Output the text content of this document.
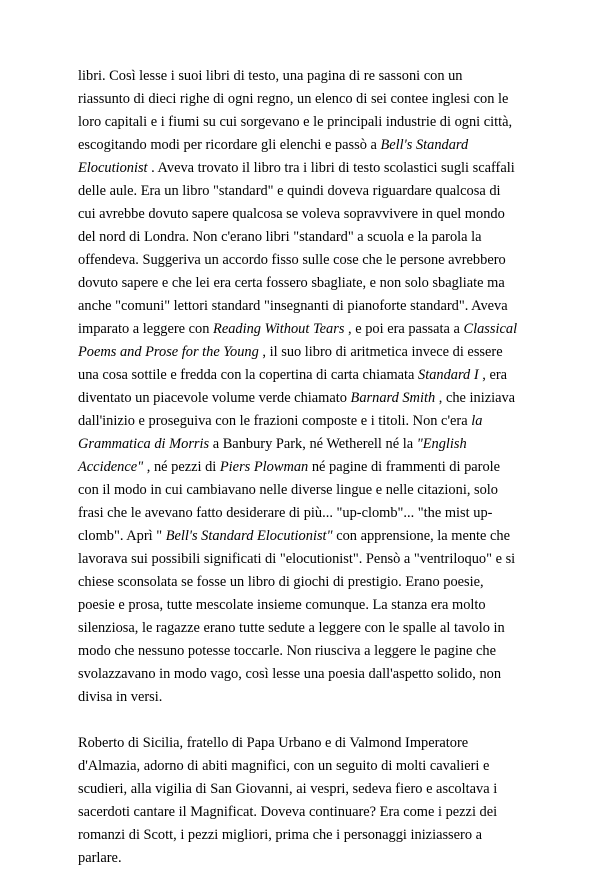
libri. Così lesse i suoi libri di testo, una pagina di re sassoni con un
riassunto di dieci righe di ogni regno, un elenco di sei contee inglesi con le
loro capitali e i fiumi su cui sorgevano e le principali industrie di ogni città,
escogitando modi per ricordare gli elenchi e passò a Bell's Standard
Elocutionist . Aveva trovato il libro tra i libri di testo scolastici sugli scaffali
delle aule. Era un libro "standard" e quindi doveva riguardare qualcosa di
cui avrebbe dovuto sapere qualcosa se voleva sopravvivere in quel mondo
del nord di Londra. Non c'erano libri "standard" a scuola e la parola la
offendeva. Suggeriva un accordo fisso sulle cose che le persone avrebbero
dovuto sapere e che lei era certa fossero sbagliate, e non solo sbagliate ma
anche "comuni" lettori standard "insegnanti di pianoforte standard". Aveva
imparato a leggere con Reading Without Tears , e poi era passata a Classical
Poems and Prose for the Young , il suo libro di aritmetica invece di essere
una cosa sottile e fredda con la copertina di carta chiamata Standard I , era
diventato un piacevole volume verde chiamato Barnard Smith , che iniziava
dall'inizio e proseguiva con le frazioni composte e i titoli. Non c'era la
Grammatica di Morris a Banbury Park, né Wetherell né la "English
Accidence" , né pezzi di Piers Plowman né pagine di frammenti di parole
con il modo in cui cambiavano nelle diverse lingue e nelle citazioni, solo
frasi che le avevano fatto desiderare di più... "up-clomb"... "the mist up-
clomb". Aprì " Bell's Standard Elocutionist" con apprensione, la mente che
lavorava sui possibili significati di "elocutionist". Pensò a "ventriloquo" e si
chiese sconsolata se fosse un libro di giochi di prestigio. Erano poesie,
poesie e prosa, tutte mescolate insieme comunque. La stanza era molto
silenziosa, le ragazze erano tutte sedute a leggere con le spalle al tavolo in
modo che nessuno potesse toccarle. Non riusciva a leggere le pagine che
svolazzavano in modo vago, così lesse una poesia dall'aspetto solido, non
divisa in versi.

Roberto di Sicilia, fratello di Papa Urbano e di Valmond Imperatore
d'Almazia, adorno di abiti magnifici, con un seguito di molti cavalieri e
scudieri, alla vigilia di San Giovanni, ai vespri, sedeva fiero e ascoltava i
sacerdoti cantare il Magnificat. Doveva continuare? Era come i pezzi dei
romanzi di Scott, i pezzi migliori, prima che i personaggi iniziassero a
parlare.
